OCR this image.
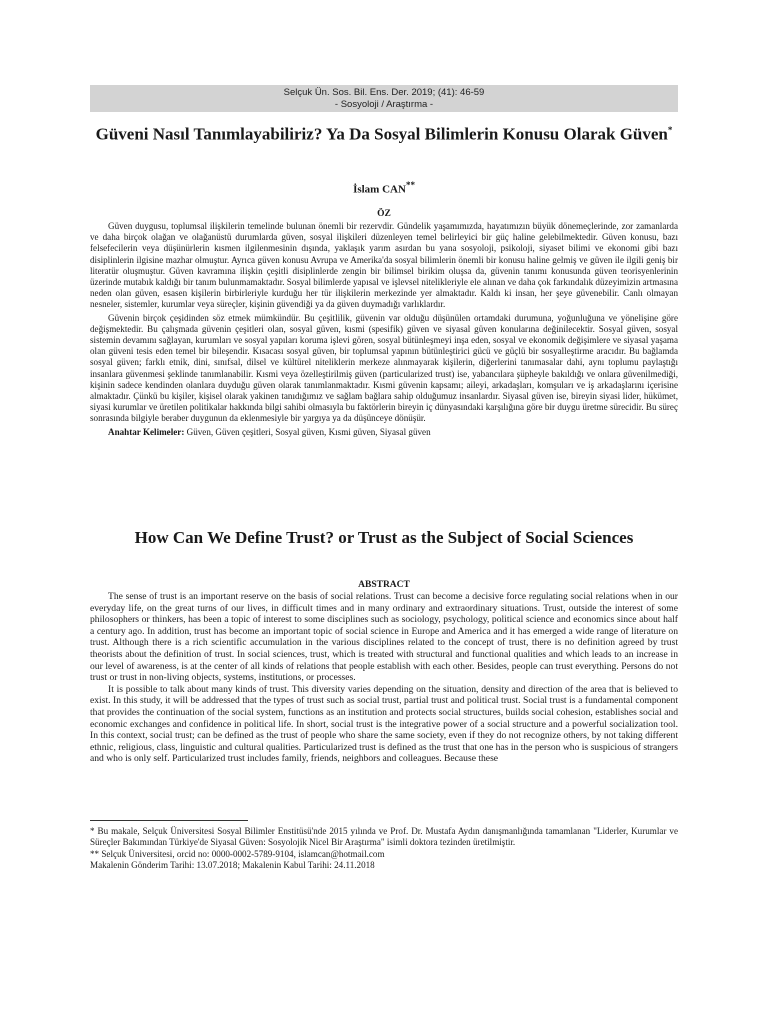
Selçuk Ün. Sos. Bil. Ens. Der. 2019; (41): 46-59
- Sosyoloji / Araştırma -
Güveni Nasıl Tanımlayabiliriz? Ya Da Sosyal Bilimlerin Konusu Olarak Güven*
İslam CAN**
ÖZ

Güven duygusu, toplumsal ilişkilerin temelinde bulunan önemli bir rezervdir. Gündelik yaşamımızda, hayatımızın büyük dönemeçlerinde, zor zamanlarda ve daha birçok olağan ve olağanüstü durumlarda güven, sosyal ilişkileri düzenleyen temel belirleyici bir güç haline gelebilmektedir. Güven konusu, bazı felsefecilerin veya düşünürlerin kısmen ilgilenmesinin dışında, yaklaşık yarım asırdan bu yana sosyoloji, psikoloji, siyaset bilimi ve ekonomi gibi bazı disiplinlerin ilgisine mazhar olmuştur. Ayrıca güven konusu Avrupa ve Amerika'da sosyal bilimlerin önemli bir konusu haline gelmiş ve güven ile ilgili geniş bir literatür oluşmuştur. Güven kavramına ilişkin çeşitli disiplinlerde zengin bir bilimsel birikim oluşsa da, güvenin tanımı konusunda güven teorisyenlerinin üzerinde mutabık kaldığı bir tanım bulunmamaktadır. Sosyal bilimlerde yapısal ve işlevsel nitelikleriyle ele alınan ve daha çok farkındalık düzeyimizin artmasına neden olan güven, esasen kişilerin birbirleriyle kurduğu her tür ilişkilerin merkezinde yer almaktadır. Kaldı ki insan, her şeye güvenebilir. Canlı olmayan nesneler, sistemler, kurumlar veya süreçler, kişinin güvendiği ya da güven duymadığı varlıklardır.

Güvenin birçok çeşidinden söz etmek mümkündür. Bu çeşitlilik, güvenin var olduğu düşünülen ortamdaki durumuna, yoğunluğuna ve yönelişine göre değişmektedir. Bu çalışmada güvenin çeşitleri olan, sosyal güven, kısmi (spesifik) güven ve siyasal güven konularına değinilecektir. Sosyal güven, sosyal sistemin devamını sağlayan, kurumları ve sosyal yapıları koruma işlevi gören, sosyal bütünleşmeyi inşa eden, sosyal ve ekonomik değişimlere ve siyasal yaşama olan güveni tesis eden temel bir bileşendir. Kısacası sosyal güven, bir toplumsal yapının bütünleştirici gücü ve güçlü bir sosyalleştirme aracıdır. Bu bağlamda sosyal güven; farklı etnik, dini, sınıfsal, dilsel ve kültürel niteliklerin merkeze alınmayarak kişilerin, diğerlerini tanımasalar dahi, aynı toplumu paylaştığı insanlara güvenmesi şeklinde tanımlanabilir. Kısmi veya özelleştirilmiş güven (particularized trust) ise, yabancılara şüpheyle bakıldığı ve onlara güvenilmediği, kişinin sadece kendinden olanlara duyduğu güven olarak tanımlanmaktadır. Kısmi güvenin kapsamı; aileyi, arkadaşları, komşuları ve iş arkadaşlarını içerisine almaktadır. Çünkü bu kişiler, kişisel olarak yakinen tanıdığımız ve sağlam bağlara sahip olduğumuz insanlardır. Siyasal güven ise, bireyin siyasi lider, hükümet, siyasi kurumlar ve üretilen politikalar hakkında bilgi sahibi olmasıyla bu faktörlerin bireyin iç dünyasındaki karşılığına göre bir duygu üretme sürecidir. Bu süreç sonrasında bilgiyle beraber duygunun da eklenmesiyle bir yargıya ya da düşünceye dönüşür.

Anahtar Kelimeler: Güven, Güven çeşitleri, Sosyal güven, Kısmi güven, Siyasal güven

How Can We Define Trust? or Trust as the Subject of Social Sciences
ABSTRACT

The sense of trust is an important reserve on the basis of social relations. Trust can become a decisive force regulating social relations when in our everyday life, on the great turns of our lives, in difficult times and in many ordinary and extraordinary situations. Trust, outside the interest of some philosophers or thinkers, has been a topic of interest to some disciplines such as sociology, psychology, political science and economics since about half a century ago. In addition, trust has become an important topic of social science in Europe and America and it has emerged a wide range of literature on trust. Although there is a rich scientific accumulation in the various disciplines related to the concept of trust, there is no definition agreed by trust theorists about the definition of trust. In social sciences, trust, which is treated with structural and functional qualities and which leads to an increase in our level of awareness, is at the center of all kinds of relations that people establish with each other. Besides, people can trust everything. Persons do not trust or trust in non-living objects, systems, institutions, or processes.

It is possible to talk about many kinds of trust. This diversity varies depending on the situation, density and direction of the area that is believed to exist. In this study, it will be addressed that the types of trust such as social trust, partial trust and political trust. Social trust is a fundamental component that provides the continuation of the social system, functions as an institution and protects social structures, builds social cohesion, establishes social and economic exchanges and confidence in political life. In short, social trust is the integrative power of a social structure and a powerful socialization tool. In this context, social trust; can be defined as the trust of people who share the same society, even if they do not recognize others, by not taking different ethnic, religious, class, linguistic and cultural qualities. Particularized trust is defined as the trust that one has in the person who is suspicious of strangers and who is only self. Particularized trust includes family, friends, neighbors and colleagues. Because these

* Bu makale, Selçuk Üniversitesi Sosyal Bilimler Enstitüsü'nde 2015 yılında ve Prof. Dr. Mustafa Aydın danışmanlığında tamamlanan "Liderler, Kurumlar ve Süreçler Bakımından Türkiye'de Siyasal Güven: Sosyolojik Nicel Bir Araştırma" isimli doktora tezinden üretilmiştir.

** Selçuk Üniversitesi, orcid no: 0000-0002-5789-9104, islamcan@hotmail.com

Makalenin Gönderim Tarihi: 13.07.2018; Makalenin Kabul Tarihi: 24.11.2018
